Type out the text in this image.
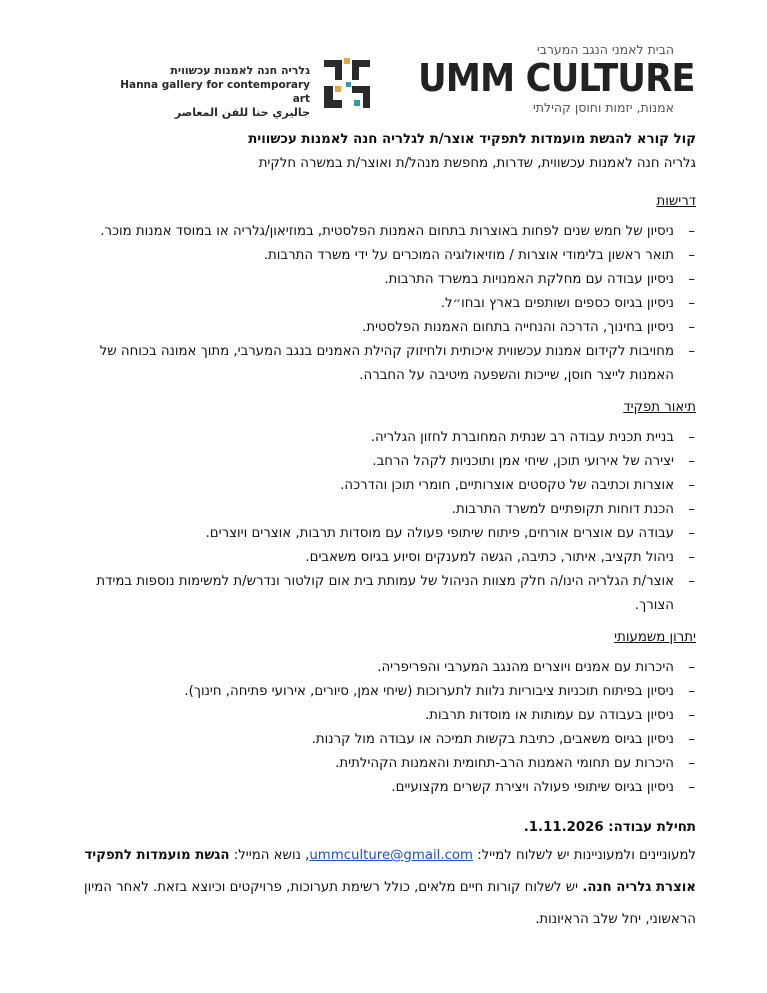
גלריה חנה לאמנות עכשווית
Hanna gallery for contemporary art
جاليري حنا للفن المعاصر
הבית לאמני הנגב המערבי
UMM CULTURE
אמנות, יזמות וחוסן קהילתי

קול קורא להגשת מועמדות לתפקיד אוצר/ת לגלריה חנה לאמנות עכשווית

גלריה חנה לאמנות עכשווית, שדרות, מחפשת מנהל/ת ואוצר/ת במשרה חלקית

דרישות

– ניסיון של חמש שנים לפחות באוצרות בתחום האמנות הפלסטית, במוזיאון/גלריה או במוסד אמנות מוכר.
– תואר ראשון בלימודי אוצרות / מוזיאולוגיה המוכרים על ידי משרד התרבות.
– ניסיון עבודה עם מחלקת האמנויות במשרד התרבות.
– ניסיון בגיוס כספים ושותפים בארץ ובחו״ל.
– ניסיון בחינוך, הדרכה והנחייה בתחום האמנות הפלסטית.
– מחויבות לקידום אמנות עכשווית איכותית ולחיזוק קהילת האמנים בנגב המערבי, מתוך אמונה בכוחה של האמנות לייצר חוסן, שייכות והשפעה מיטיבה על החברה.

תיאור תפקיד

– בניית תכנית עבודה רב שנתית המחוברת לחזון הגלריה.
– יצירה של אירועי תוכן, שיחי אמן ותוכניות לקהל הרחב.
– אוצרות וכתיבה של טקסטים אוצרותיים, חומרי תוכן והדרכה.
– הכנת דוחות תקופתיים למשרד התרבות.
– עבודה עם אוצרים אורחים, פיתוח שיתופי פעולה עם מוסדות תרבות, אוצרים ויוצרים.
– ניהול תקציב, איתור, כתיבה, הגשה למענקים וסיוע בגיוס משאבים.
– אוצר/ת הגלריה הינו/ה חלק מצוות הניהול של עמותת בית אום קולטור ונדרש/ת למשימות נוספות במידת הצורך.

יתרון משמעותי

– היכרות עם אמנים ויוצרים מהנגב המערבי והפריפריה.
– ניסיון בפיתוח תוכניות ציבוריות נלוות לתערוכות (שיחי אמן, סיורים, אירועי פתיחה, חינוך).
– ניסיון בעבודה עם עמותות או מוסדות תרבות.
– ניסיון בגיוס משאבים, כתיבת בקשות תמיכה או עבודה מול קרנות.
– היכרות עם תחומי האמנות הרב-תחומית והאמנות הקהילתית.
– ניסיון בגיוס שיתופי פעולה ויצירת קשרים מקצועיים.

תחילת עבודה: 1.11.2026.

למעוניינים ולמעוניינות יש לשלוח למייל: ummculture@gmail.com, נושא המייל: הגשת מועמדות לתפקיד אוצרת גלריה חנה. יש לשלוח קורות חיים מלאים, כולל רשימת תערוכות, פרויקטים וכיוצא בזאת. לאחר המיון הראשוני, יחל שלב הראיונות.
